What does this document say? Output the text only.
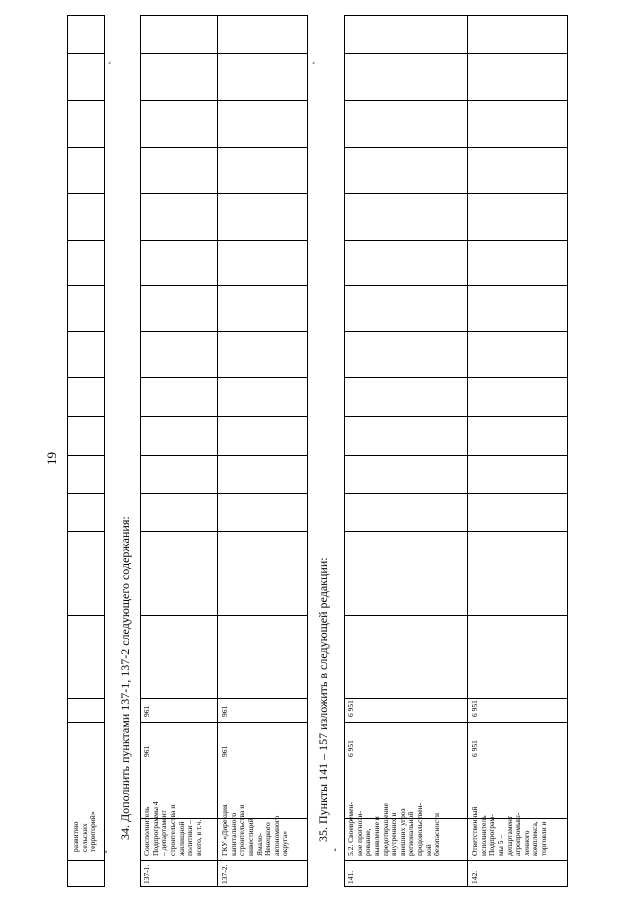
развитию
сельских
территорий»
».
a
34. Дополнить пунктами 137-1, 137-2 следующего содержания:
19
137-1.
Соисполнитель
Подпрограммы 4
– департамент
строительства и
жилищной
политики –
всего, в т.ч.
961
961
137-2.
ГКУ «Дирекция
капитального
строительства и
инвестиций
Ямало-
Ненецкого
автономного
округа»
961
961
».
a
35. Пункты 141 – 157 изложить в следующей редакции:
141.
5.2. Своевремен-
ное прогнози-
рование,
выявление и
предотвращение
внутренних и
внешних угроз
региональной
продовольствен-
ной
безопасности
6 951
6 951
142.
Ответственный
исполнитель
Подпрограм-
мы 5 –
департамент
агропромыш-
ленного
комплекса,
торговли и
6 951
6 951
